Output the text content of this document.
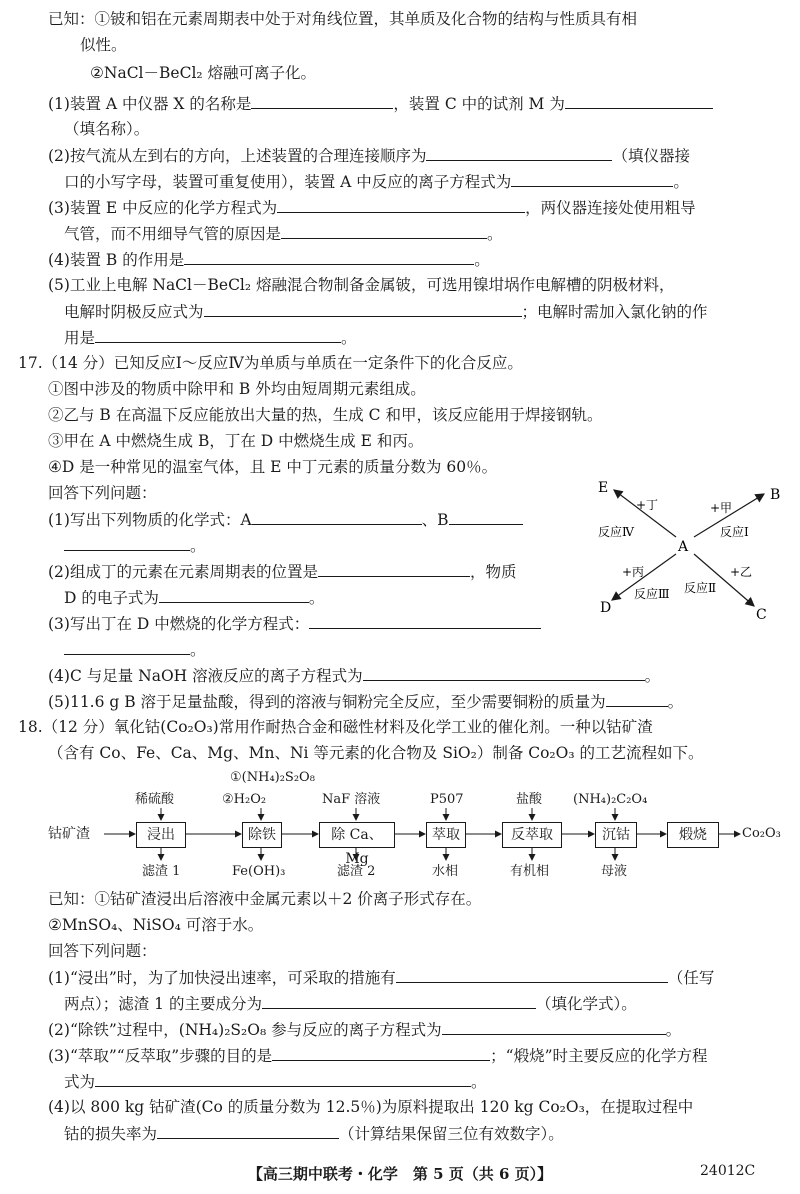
已知：①铍和铝在元素周期表中处于对角线位置，其单质及化合物的结构与性质具有相
似性。
②NaCl－BeCl₂ 熔融可离子化。
(1)装置 A 中仪器 X 的名称是	，装置 C 中的试剂 M 为
（填名称）。
(2)按气流从左到右的方向，上述装置的合理连接顺序为	（填仪器接
口的小写字母，装置可重复使用），装置 A 中反应的离子方程式为	。
(3)装置 E 中反应的化学方程式为	，两仪器连接处使用粗导
气管，而不用细导气管的原因是	。
(4)装置 B 的作用是	。
(5)工业上电解 NaCl－BeCl₂ 熔融混合物制备金属铍，可选用镍坩埚作电解槽的阴极材料，
电解时阴极反应式为	；电解时需加入氯化钠的作
用是	。
17.（14 分）已知反应Ⅰ～反应Ⅳ为单质与单质在一定条件下的化合反应。
①图中涉及的物质中除甲和 B 外均由短周期元素组成。
②乙与 B 在高温下反应能放出大量的热，生成 C 和甲，该反应能用于焊接钢轨。
③甲在 A 中燃烧生成 B，丁在 D 中燃烧生成 E 和丙。
④D 是一种常见的温室气体，且 E 中丁元素的质量分数为 60％。
回答下列问题：
(1)写出下列物质的化学式：A	、B
。
(2)组成丁的元素在元素周期表的位置是	，物质
D 的电子式为	。
(3)写出丁在 D 中燃烧的化学方程式：
。
(4)C 与足量 NaOH 溶液反应的离子方程式为	。
(5)11.6 g B 溶于足量盐酸，得到的溶液与铜粉完全反应，至少需要铜粉的质量为	。
A
E	B
D	C
+丁
反应Ⅳ
+甲
反应Ⅰ
+丙
反应Ⅲ
+乙
反应Ⅱ
18.（12 分）氧化钴(Co₂O₃)常用作耐热合金和磁性材料及化学工业的催化剂。一种以钴矿渣
（含有 Co、Fe、Ca、Mg、Mn、Ni 等元素的化合物及 SiO₂）制备 Co₂O₃ 的工艺流程如下。
钴矿渣	Co₂O₃
浸出	除铁	除 Ca、Mg
萃取	反萃取	沉钴	煅烧
稀硫酸
①(NH₄)₂S₂O₈
②H₂O₂	NaF 溶液	P507	盐酸 (NH₄)₂C₂O₄
滤渣 1	Fe(OH)₃	滤渣 2	水相	有机相	母液
已知：①钴矿渣浸出后溶液中金属元素以＋2 价离子形式存在。
②MnSO₄、NiSO₄ 可溶于水。
回答下列问题：
(1)“浸出”时，为了加快浸出速率，可采取的措施有	（任写
两点）；滤渣 1 的主要成分为	（填化学式）。
(2)“除铁”过程中，(NH₄)₂S₂O₈ 参与反应的离子方程式为	。
(3)“萃取”“反萃取”步骤的目的是	；“煅烧”时主要反应的化学方程
式为	。
(4)以 800 kg 钴矿渣(Co 的质量分数为 12.5％)为原料提取出 120 kg Co₂O₃，在提取过程中
钴的损失率为	（计算结果保留三位有效数字）。
【高三期中联考・化学　第 5 页（共 6 页）】	24012C
